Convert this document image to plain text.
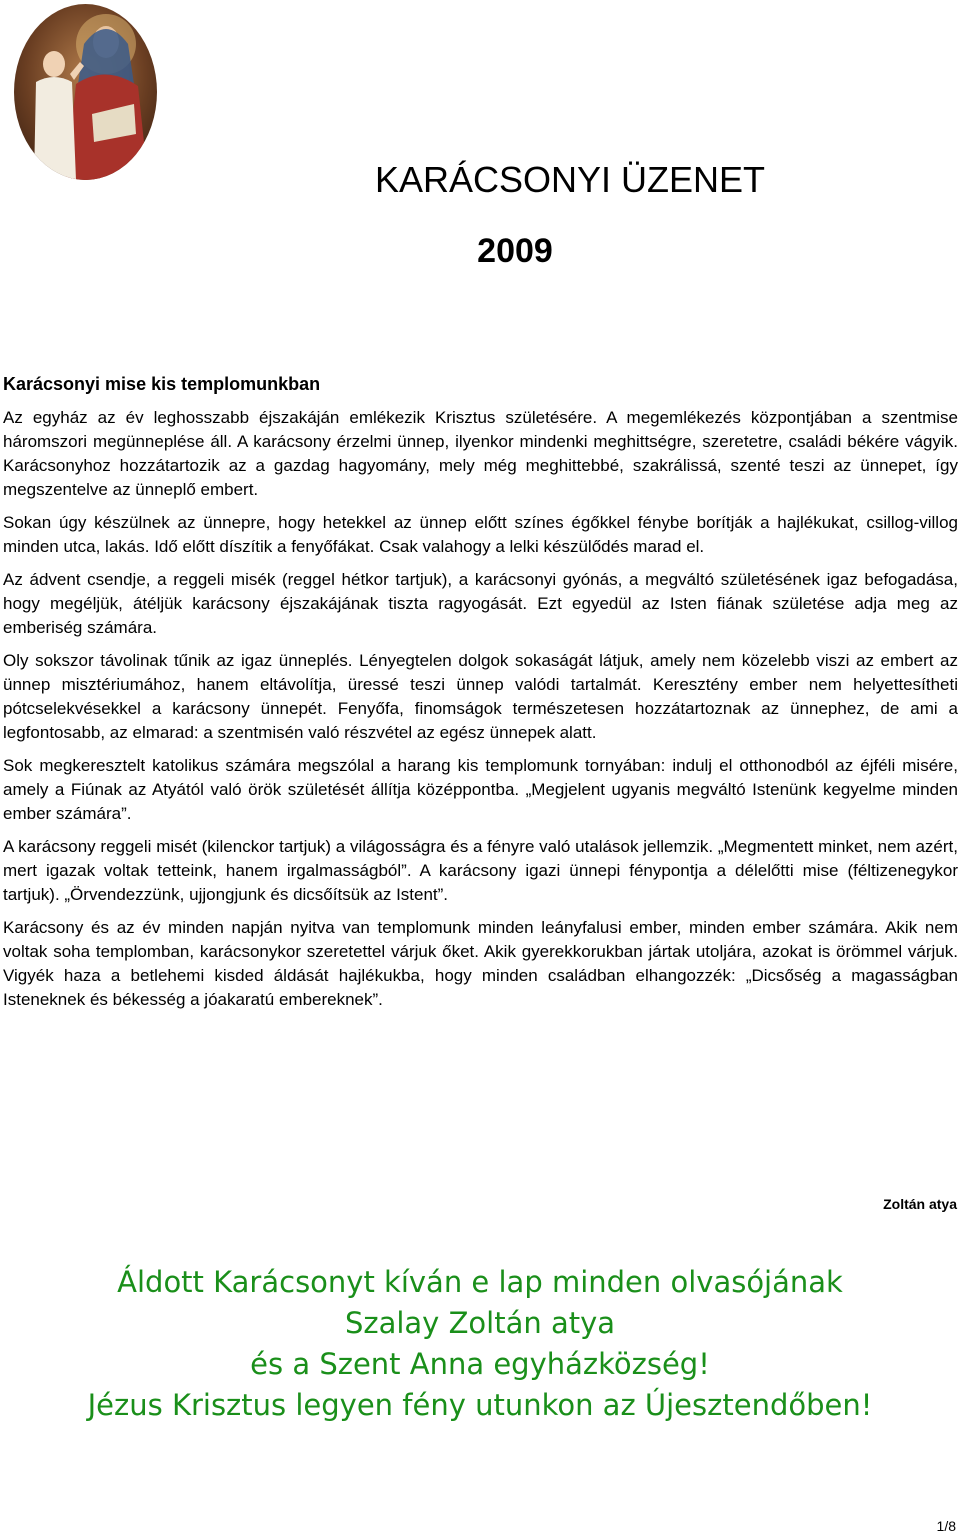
KARÁCSONYI ÜZENET
2009
Karácsonyi mise kis templomunkban

Az egyház az év leghosszabb éjszakáján emlékezik Krisztus születésére. A megemlékezés központjában a szentmise háromszori megünneplése áll. A karácsony érzelmi ünnep, ilyenkor mindenki meghittségre, szeretetre, családi békére vágyik. Karácsonyhoz hozzátartozik az a gazdag hagyomány, mely még meghittebbé, szakrálissá, szenté teszi az ünnepet, így megszentelve az ünneplő embert.

Sokan úgy készülnek az ünnepre, hogy hetekkel az ünnep előtt színes égőkkel fénybe borítják a hajlékukat, csillog-villog minden utca, lakás. Idő előtt díszítik a fenyőfákat. Csak valahogy a lelki készülődés marad el.

Az ádvent csendje, a reggeli misék (reggel hétkor tartjuk), a karácsonyi gyónás, a megváltó születésének igaz befogadása, hogy megéljük, átéljük karácsony éjszakájának tiszta ragyogását. Ezt egyedül az Isten fiának születése adja meg az emberiség számára.

Oly sokszor távolinak tűnik az igaz ünneplés. Lényegtelen dolgok sokaságát látjuk, amely nem közelebb viszi az embert az ünnep misztériumához, hanem eltávolítja, üressé teszi ünnep valódi tartalmát. Keresztény ember nem helyettesítheti pótcselekvésekkel a karácsony ünnepét. Fenyőfa, finomságok természetesen hozzátartoznak az ünnephez, de ami a legfontosabb, az elmarad: a szentmisén való részvétel az egész ünnepek alatt.

Sok megkeresztelt katolikus számára megszólal a harang kis templomunk tornyában: indulj el otthonodból az éjféli misére, amely a Fiúnak az Atyától való örök születését állítja középpontba. „Megjelent ugyanis megváltó Istenünk kegyelme minden ember számára”.

A karácsony reggeli misét (kilenckor tartjuk) a világosságra és a fényre való utalások jellemzik. „Megmentett minket, nem azért, mert igazak voltak tetteink, hanem irgalmasságból”. A karácsony igazi ünnepi fénypontja a délelőtti mise (féltizenegykor tartjuk). „Örvendezzünk, ujjongjunk és dicsőítsük az Istent”.

Karácsony és az év minden napján nyitva van templomunk minden leányfalusi ember, minden ember számára. Akik nem voltak soha templomban, karácsonykor szeretettel várjuk őket. Akik gyerekkorukban jártak utoljára, azokat is örömmel várjuk. Vigyék haza a betlehemi kisded áldását hajlékukba, hogy minden családban elhangozzék: „Dicsőség a magasságban Isteneknek és békesség a jóakaratú embereknek”.

Zoltán atya
Áldott Karácsonyt kíván e lap minden olvasójának
Szalay Zoltán atya
és a Szent Anna egyházközség!
Jézus Krisztus legyen fény utunkon az Újesztendőben!
1/8
